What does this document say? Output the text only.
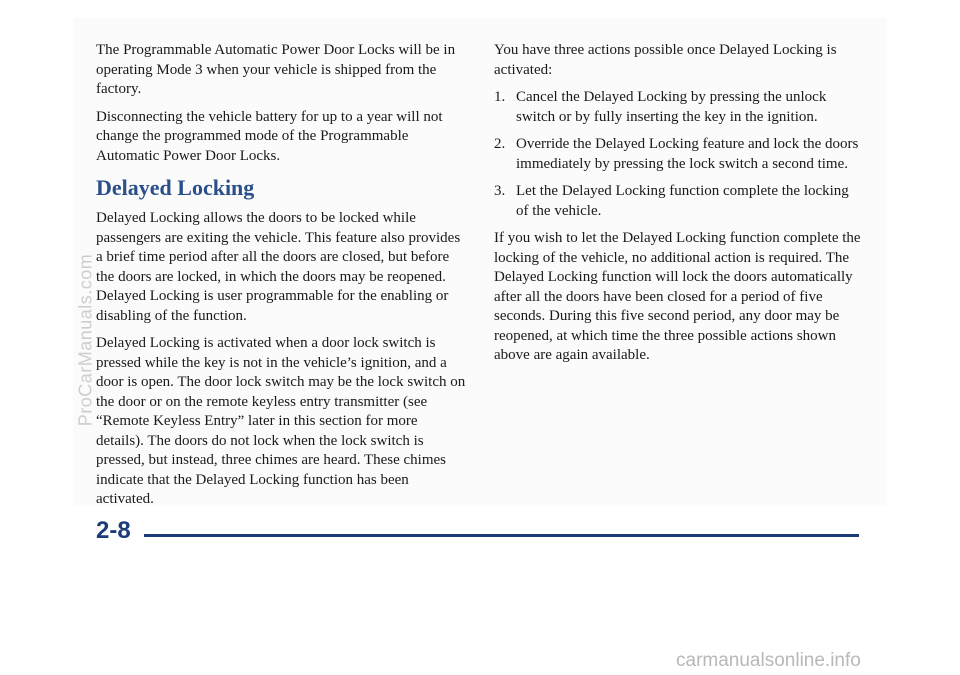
The Programmable Automatic Power Door Locks will be in operating Mode 3 when your vehicle is shipped from the factory.

Disconnecting the vehicle battery for up to a year will not change the programmed mode of the Programmable Automatic Power Door Locks.

Delayed Locking

Delayed Locking allows the doors to be locked while passengers are exiting the vehicle. This feature also provides a brief time period after all the doors are closed, but before the doors are locked, in which the doors may be reopened. Delayed Locking is user programmable for the enabling or disabling of the function.

Delayed Locking is activated when a door lock switch is pressed while the key is not in the vehicle’s ignition, and a door is open. The door lock switch may be the lock switch on the door or on the remote keyless entry transmitter (see “Remote Keyless Entry” later in this section for more details). The doors do not lock when the lock switch is pressed, but instead, three chimes are heard. These chimes indicate that the Delayed Locking function has been activated.

You have three actions possible once Delayed Locking is activated:

1. Cancel the Delayed Locking by pressing the unlock switch or by fully inserting the key in the ignition.
2. Override the Delayed Locking feature and lock the doors immediately by pressing the lock switch a second time.
3. Let the Delayed Locking function complete the locking of the vehicle.

If you wish to let the Delayed Locking function complete the locking of the vehicle, no additional action is required. The Delayed Locking function will lock the doors automatically after all the doors have been closed for a period of five seconds. During this five second period, any door may be reopened, at which time the three possible actions shown above are again available.

2-8
ProCarManuals.com
carmanualsonline.info
